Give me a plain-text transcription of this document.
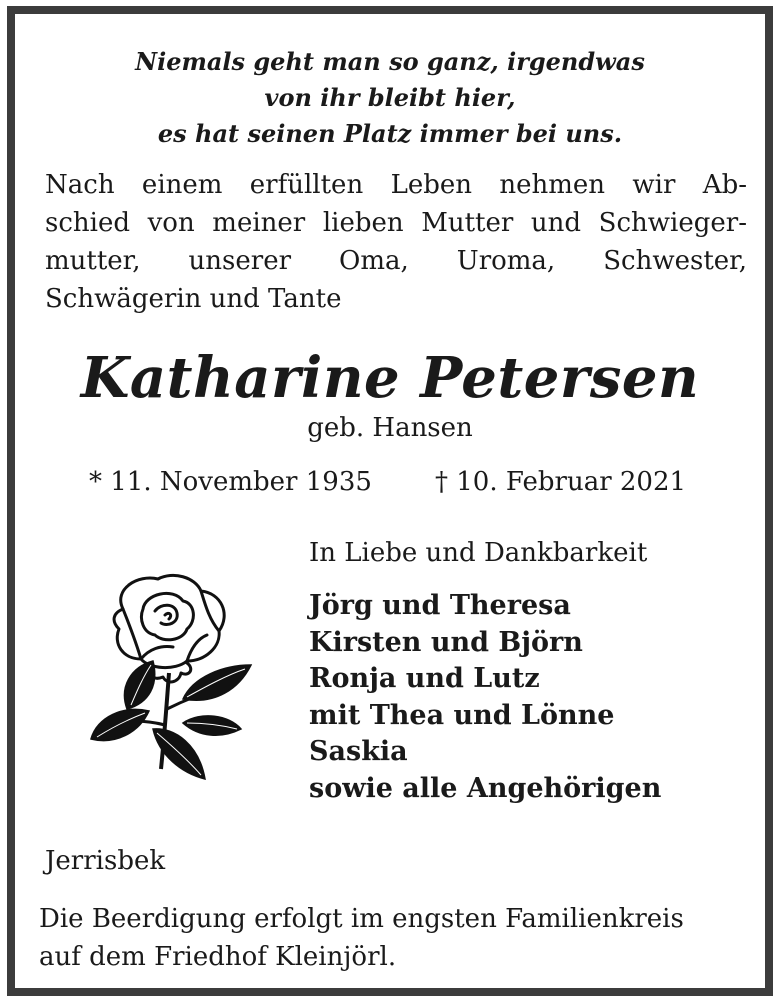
Niemals geht man so ganz, irgendwas
von ihr bleibt hier,
es hat seinen Platz immer bei uns.
Nach einem erfüllten Leben nehmen wir Ab-
schied von meiner lieben Mutter und Schwieger-
mutter, unserer Oma, Uroma, Schwester,
Schwägerin und Tante
Katharine Petersen
geb. Hansen
* 11. November 1935 † 10. Februar 2021
In Liebe und Dankbarkeit
Jörg und Theresa
Kirsten und Björn
Ronja und Lutz
mit Thea und Lönne
Saskia
sowie alle Angehörigen
Jerrisbek
Die Beerdigung erfolgt im engsten Familienkreis
auf dem Friedhof Kleinjörl.
